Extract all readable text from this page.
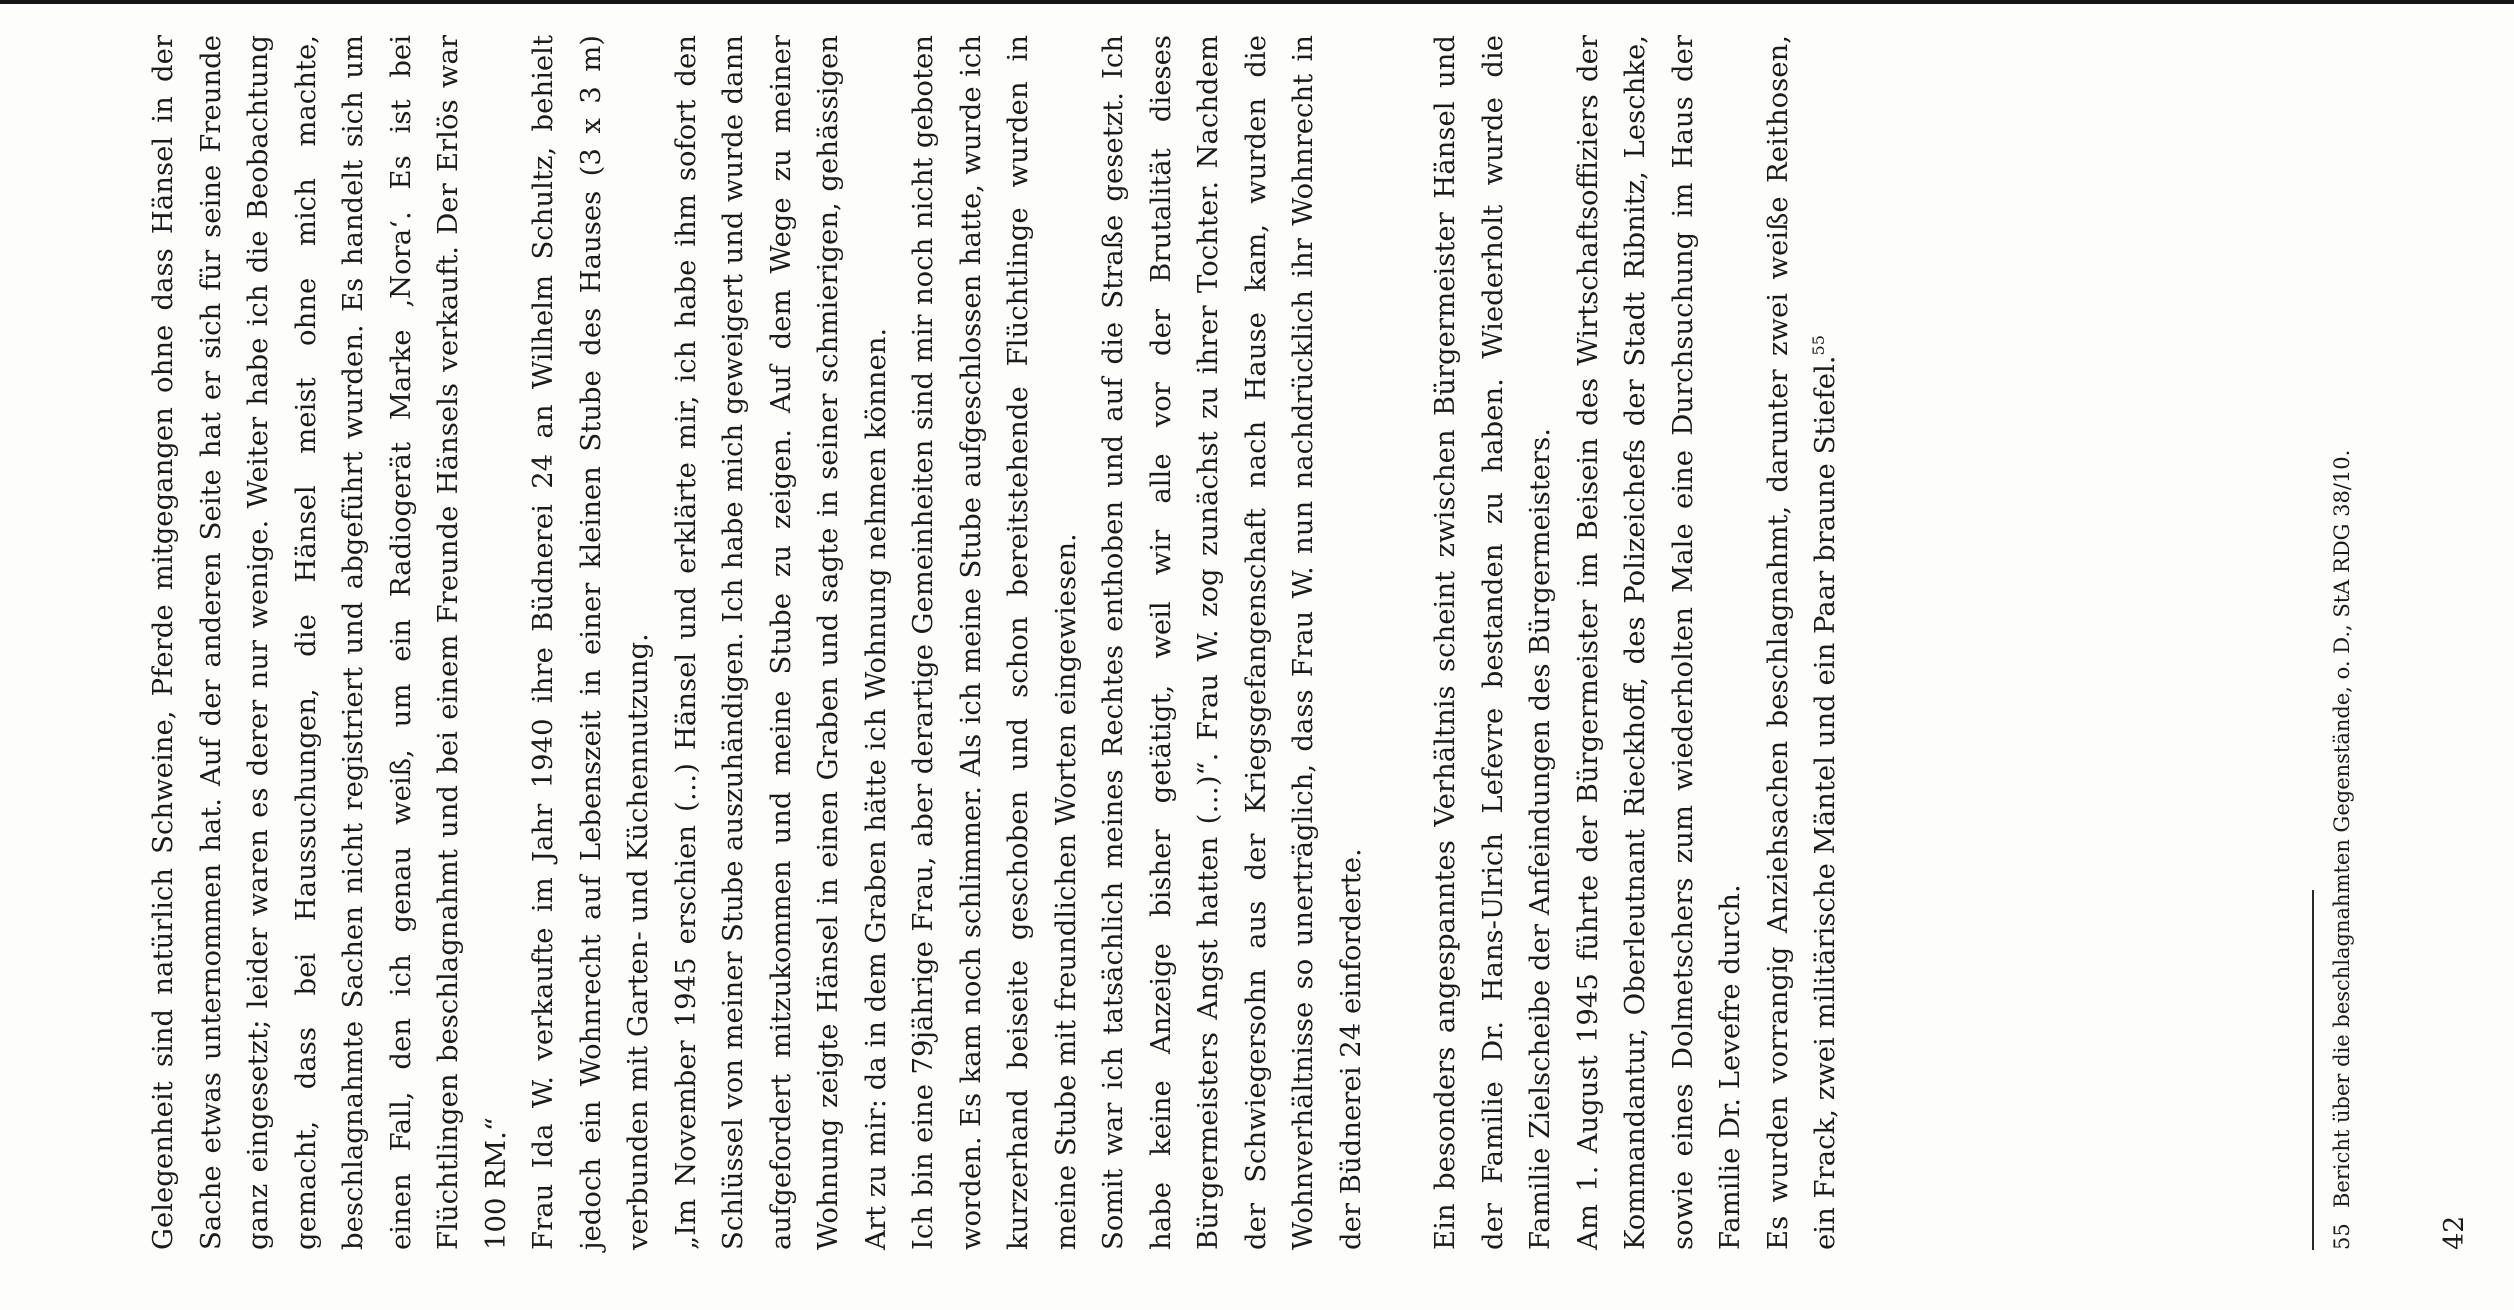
Gelegenheit sind natürlich Schweine, Pferde mitgegangen ohne dass Hänsel in der Sache etwas unternommen hat. Auf der anderen Seite hat er sich für seine Freunde ganz eingesetzt; leider waren es derer nur wenige. Weiter habe ich die Beobachtung gemacht, dass bei Haussuchungen, die Hänsel meist ohne mich machte, beschlagnahmte Sachen nicht registriert und abgeführt wurden. Es handelt sich um einen Fall, den ich genau weiß, um ein Radiogerät Marke ‚Nora‘. Es ist bei Flüchtlingen beschlagnahmt und bei einem Freunde Hänsels verkauft. Der Erlös war 100 RM.“ Frau Ida W. verkaufte im Jahr 1940 ihre Büdnerei 24 an Wilhelm Schultz, behielt jedoch ein Wohnrecht auf Lebenszeit in einer kleinen Stube des Hauses (3 x 3 m) verbunden mit Garten- und Küchennutzung. „Im November 1945 erschien (…) Hänsel und erklärte mir, ich habe ihm sofort den Schlüssel von meiner Stube auszuhändigen. Ich habe mich geweigert und wurde dann aufgefordert mitzukommen und meine Stube zu zeigen. Auf dem Wege zu meiner Wohnung zeigte Hänsel in einen Graben und sagte in seiner schmierigen, gehässigen Art zu mir: da in dem Graben hätte ich Wohnung nehmen können. Ich bin eine 79jährige Frau, aber derartige Gemeinheiten sind mir noch nicht geboten worden. Es kam noch schlimmer. Als ich meine Stube aufgeschlossen hatte, wurde ich kurzerhand beiseite geschoben und schon bereitstehende Flüchtlinge wurden in meine Stube mit freundlichen Worten eingewiesen. Somit war ich tatsächlich meines Rechtes enthoben und auf die Straße gesetzt. Ich habe keine Anzeige bisher getätigt, weil wir alle vor der Brutalität dieses Bürgermeisters Angst hatten (…)“. Frau W. zog zunächst zu ihrer Tochter. Nachdem der Schwiegersohn aus der Kriegsgefangenschaft nach Hause kam, wurden die Wohnverhältnisse so unerträglich, dass Frau W. nun nachdrücklich ihr Wohnrecht in der Büdnerei 24 einforderte.	Ein besonders angespanntes Verhältnis scheint zwischen Bürgermeister Hänsel und der Familie Dr. Hans-Ulrich Lefevre bestanden zu haben. Wiederholt wurde die Familie Zielscheibe der Anfeindungen des Bürgermeisters. Am 1. August 1945 führte der Bürgermeister im Beisein des Wirtschaftsoffiziers der Kommandantur, Oberleutnant Rieckhoff, des Polizeichefs der Stadt Ribnitz, Leschke, sowie eines Dolmetschers zum wiederholten Male eine Durchsuchung im Haus der Familie Dr. Levefre durch. Es wurden vorrangig Anziehsachen beschlagnahmt, darunter zwei weiße Reithosen, ein Frack, zwei militärische Mäntel und ein Paar braune Stiefel.$^{55}$

55Bericht über die beschlagnahmten Gegenstände, o. D., StA RDG 38/10.
42
